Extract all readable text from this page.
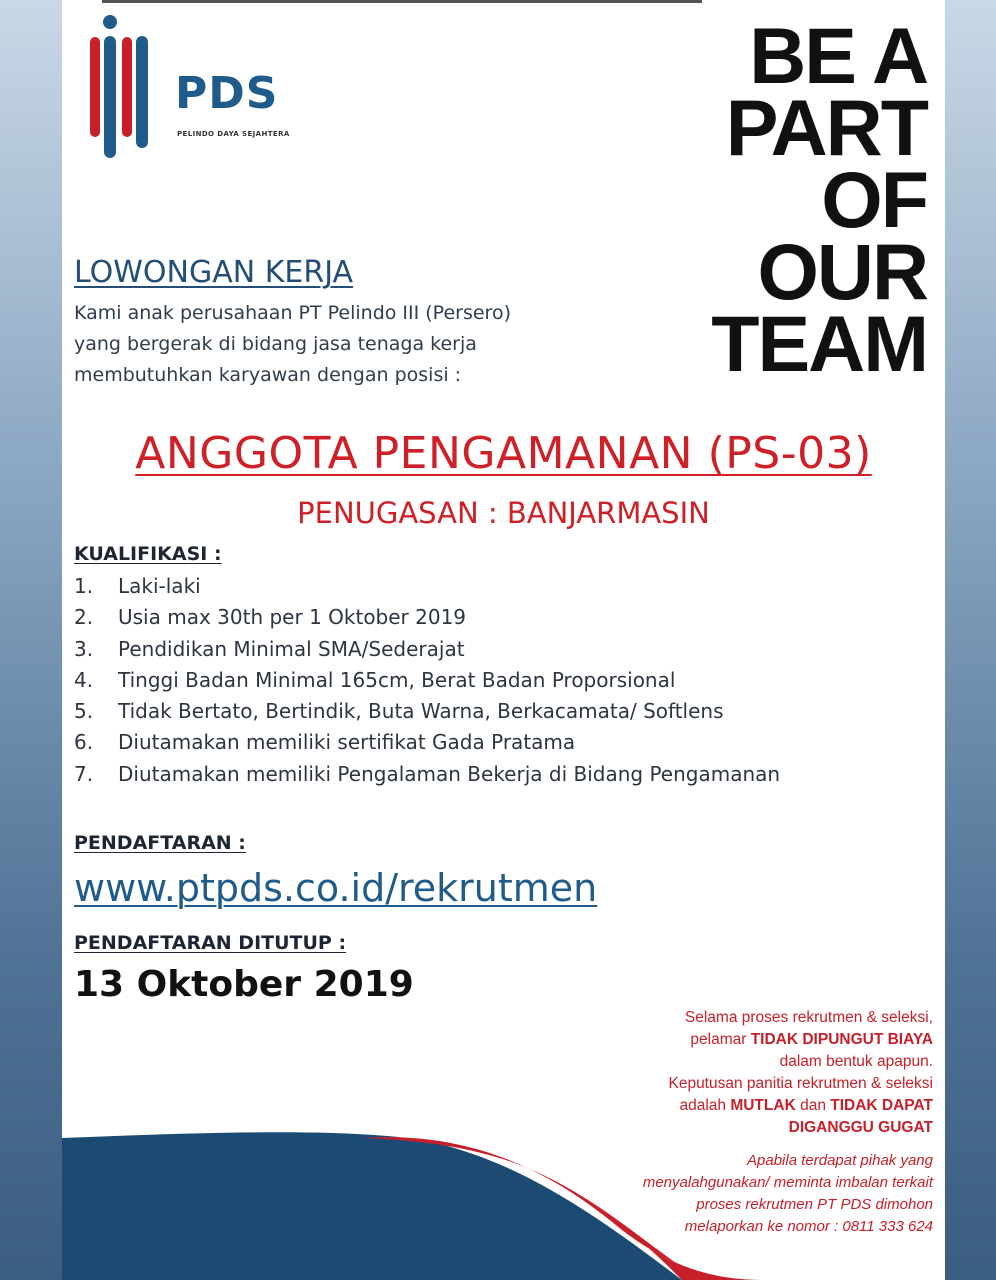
PDS
PELINDO DAYA SEJAHTERA
BE A
PART
OF
OUR
TEAM
LOWONGAN KERJA
Kami anak perusahaan PT Pelindo III (Persero)
yang bergerak di bidang jasa tenaga kerja
membutuhkan karyawan dengan posisi :
ANGGOTA PENGAMANAN (PS-03)
PENUGASAN : BANJARMASIN
KUALIFIKASI :
1. Laki-laki
2. Usia max 30th per 1 Oktober 2019
3. Pendidikan Minimal SMA/Sederajat
4. Tinggi Badan Minimal 165cm, Berat Badan Proporsional
5. Tidak Bertato, Bertindik, Buta Warna, Berkacamata/ Softlens
6. Diutamakan memiliki sertifikat Gada Pratama
7. Diutamakan memiliki Pengalaman Bekerja di Bidang Pengamanan
PENDAFTARAN :
www.ptpds.co.id/rekrutmen
PENDAFTARAN DITUTUP :
13 Oktober 2019
Selama proses rekrutmen & seleksi,
pelamar TIDAK DIPUNGUT BIAYA
dalam bentuk apapun.
Keputusan panitia rekrutmen & seleksi
adalah MUTLAK dan TIDAK DAPAT
DIGANGGU GUGAT
Apabila terdapat pihak yang
menyalahgunakan/ meminta imbalan terkait
proses rekrutmen PT PDS dimohon
melaporkan ke nomor : 0811 333 624
